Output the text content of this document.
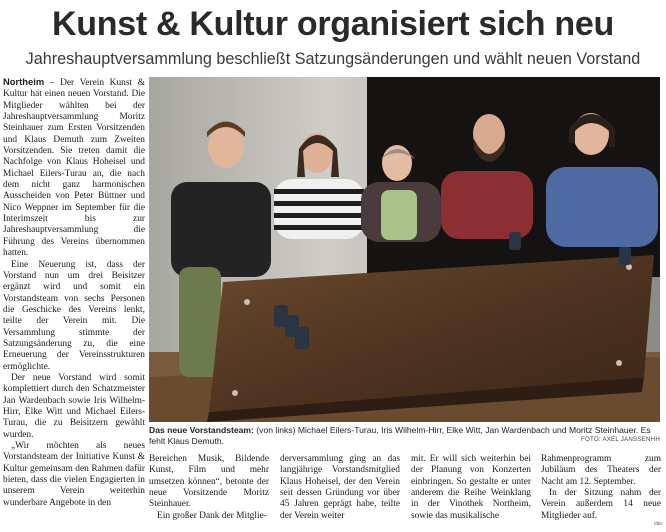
Kunst & Kultur organisiert sich neu
Jahreshauptversammlung beschließt Satzungsänderungen und wählt neuen Vorstand

Northeim – Der Verein Kunst & Kultur hat einen neuen Vorstand. Die Mitglieder wählten bei der Jahreshauptversammlung Moritz Steinhauer zum Ersten Vorsitzenden und Klaus Demuth zum Zweiten Vorsitzenden. Sie treten damit die Nachfolge von Klaus Hoheisel und Michael Eilers-Turau an, die nach dem nicht ganz harmonischen Ausscheiden von Peter Büttner und Nico Weppner im September für die Interimszeit bis zur Jahreshauptversammlung die Führung des Vereins übernommen hatten.

Eine Neuerung ist, dass der Vorstand nun um drei Beisitzer ergänzt wird und somit ein Vorstandsteam von sechs Personen die Geschicke des Vereins lenkt, teilte der Verein mit. Die Versammlung stimmte der Satzungsänderung zu, die eine Erneuerung der Vereinsstrukturen ermöglichte.

Der neue Vorstand wird somit komplettiert durch den Schatzmeister Jan Wardenbach sowie Iris Wilhelm-Hirr, Elke Witt und Michael Eilers-Turau, die zu Beisitzern gewählt wurden.

„Wir möchten als neues Vorstandsteam der Initiative Kunst & Kultur gemeinsam den Rahmen dafür bieten, dass die vielen Engagierten in unserem Verein weiterhin wunderbare Angebote in den

Das neue Vorstandsteam: (von links) Michael Eilers-Turau, Iris Wilhelm-Hirr, Elke Witt, Jan Wardenbach und Moritz Steinhauer. Es fehlt Klaus Demuth.	FOTO: AXEL JANSSENHH

Bereichen Musik, Bildende Kunst, Film und mehr umsetzen können“, betonte der neue Vorsitzende Moritz Steinhauer.

Ein großer Dank der Mitglie-

derversammlung ging an das langjährige Vorstandsmitglied Klaus Hoheisel, der den Verein seit dessen Gründung vor über 45 Jahren geprägt habe, teilte der Verein weiter

mit. Er will sich weiterhin bei der Planung von Konzerten einbringen. So gestalte er unter anderem die Reihe Weinklang in der Vinothek Northeim, sowie das musikalische

Rahmenprogramm zum Jubiläum des Theaters der Nacht am 12. September.

In der Sitzung nahm der Verein außerdem 14 neue Mitglieder auf.

cbo
